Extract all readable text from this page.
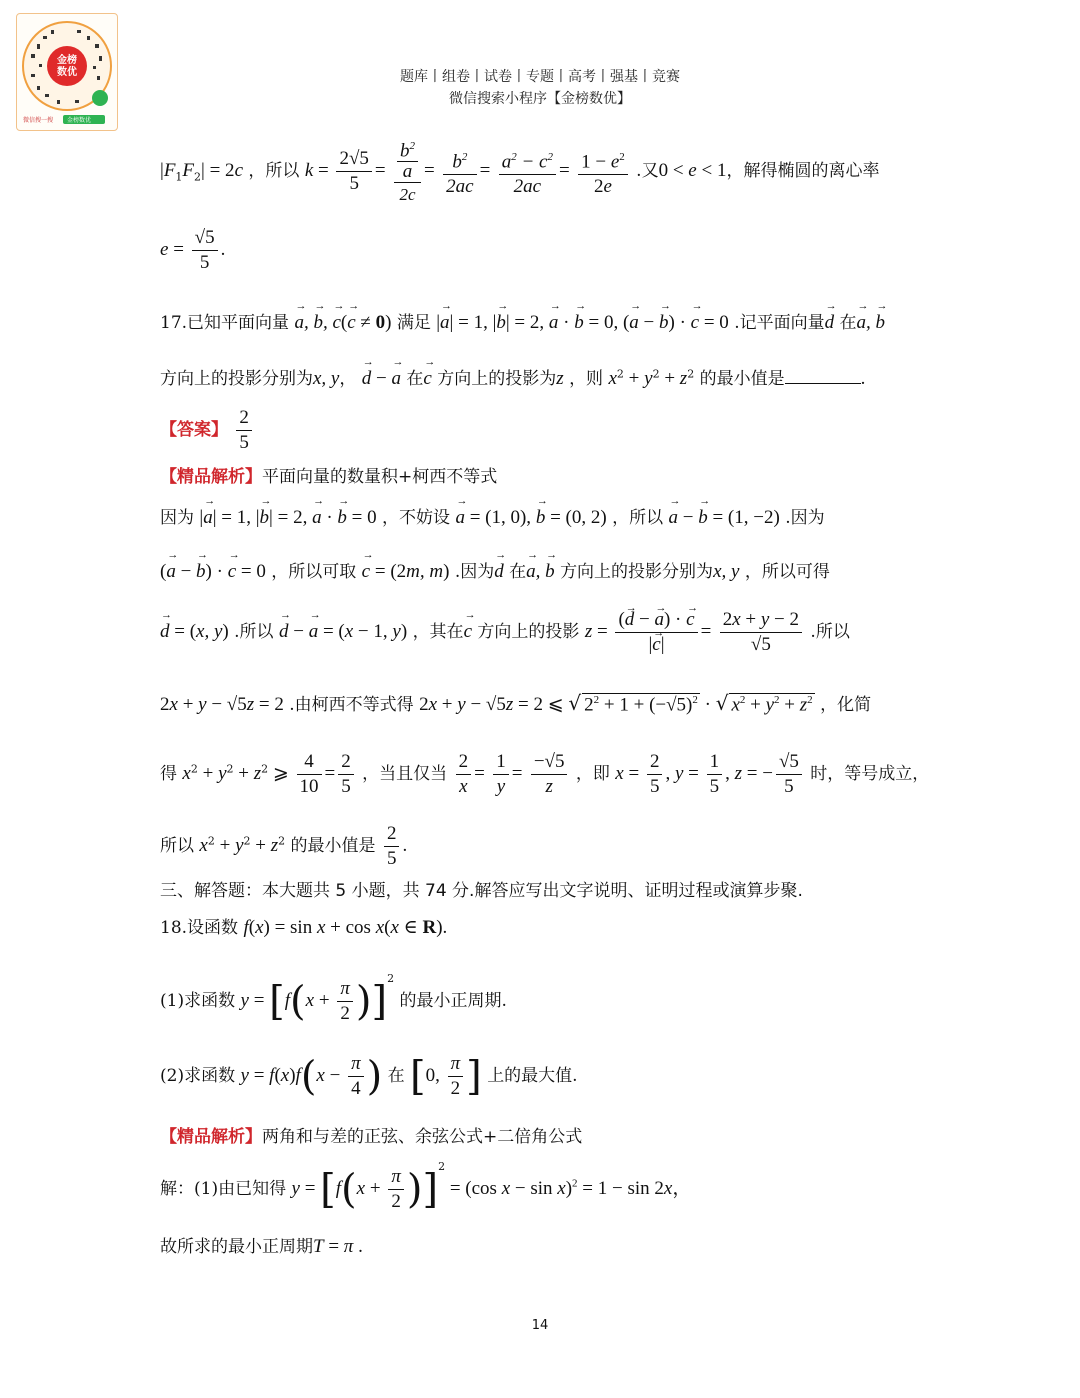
金榜
数优
微信搜一搜 金榜数优
题库丨组卷丨试卷丨专题丨高考丨强基丨竞赛
微信搜索小程序【金榜数优】
$|F_1F_2| = 2c$ ，所以 $k = \frac{2√5}{5} = \frac{\frac{b^2}{a}}{2c} = \frac{b^2}{2ac} = \frac{a^2 - c^2}{2ac} = \frac{1 - e^2}{2e}$ .又0 < e < 1，解得椭圆的离心率
$e = \frac{√5}{5}$ .
17.已知平面向量 → a, → b, → c(→ c ≠ 0) 满足 |→ a| = 1, |→ b| = 2, → a · → b = 0, (→ a − → b) · → c = 0 .记平面向量→ d 在→ a, → b
方向上的投影分别为x, y， → d − → a 在→ c 方向上的投影为z ，则 $x^2 + y^2 + z^2$ 的最小值是	.
【答案】 $\frac{2}{5}$
【精品解析】平面向量的数量积+柯西不等式
因为 |→ a| = 1, |→ b| = 2, → a · → b = 0 ，不妨设 → a = (1, 0), → b = (0, 2) ，所以 → a − → b = (1, −2) .因为
(→ a − → b) · → c = 0 ，所以可取 → c = (2m, m) .因为→ d 在→ a, → b 方向上的投影分别为x, y ，所以可得
→ d = (x, y) .所以 → d − → a = (x − 1, y) ，其在→ c 方向上的投影 $z = \frac{(\to d - \to a) \cdot \to c}{|\to c|} = \frac{2x + y - 2}{√5}$ .所以
2x + y − √5z = 2 .由柯西不等式得 2x + y − √5z = 2 ⩽ √ $2^2 + 1 + (-√5)^2$ · √ $x^2 + y^2 + z^2$ ，化简
得 $x^2 + y^2 + z^2$ ⩾ $\frac{4}{10} = \frac{2}{5}$ ，当且仅当 $\frac{2}{x} = \frac{1}{y} = \frac{-√5}{z}$ ，即 $x = \frac{2}{5}$ , $y = \frac{1}{5}$ , z = − $\frac{√5}{5}$ 时，等号成立，
所以 $x^2 + y^2 + z^2$ 的最小值是 $\frac{2}{5}$ .
三、解答题：本大题共 5 小题，共 74 分.解答应写出文字说明、证明过程或演算步聚.
18.设函数 f(x) = sin x + cos x(x ∈ R).
(1)求函数 $y = [f(x + \frac{\pi}{2} )]^2$ 的最小正周期.
(2)求函数 $y = f(x)f(x - \frac{\pi}{4}$ ) 在 [0, $\frac{\pi}{2}$ ] 上的最大值.
【精品解析】两角和与差的正弦、余弦公式+二倍角公式
解：(1)由已知得 $y = [f(x + \frac{\pi}{2} )]^2 = (\cos$ x − sin x)$^2$ = 1 − sin 2x，
故所求的最小正周期T = π .
14
